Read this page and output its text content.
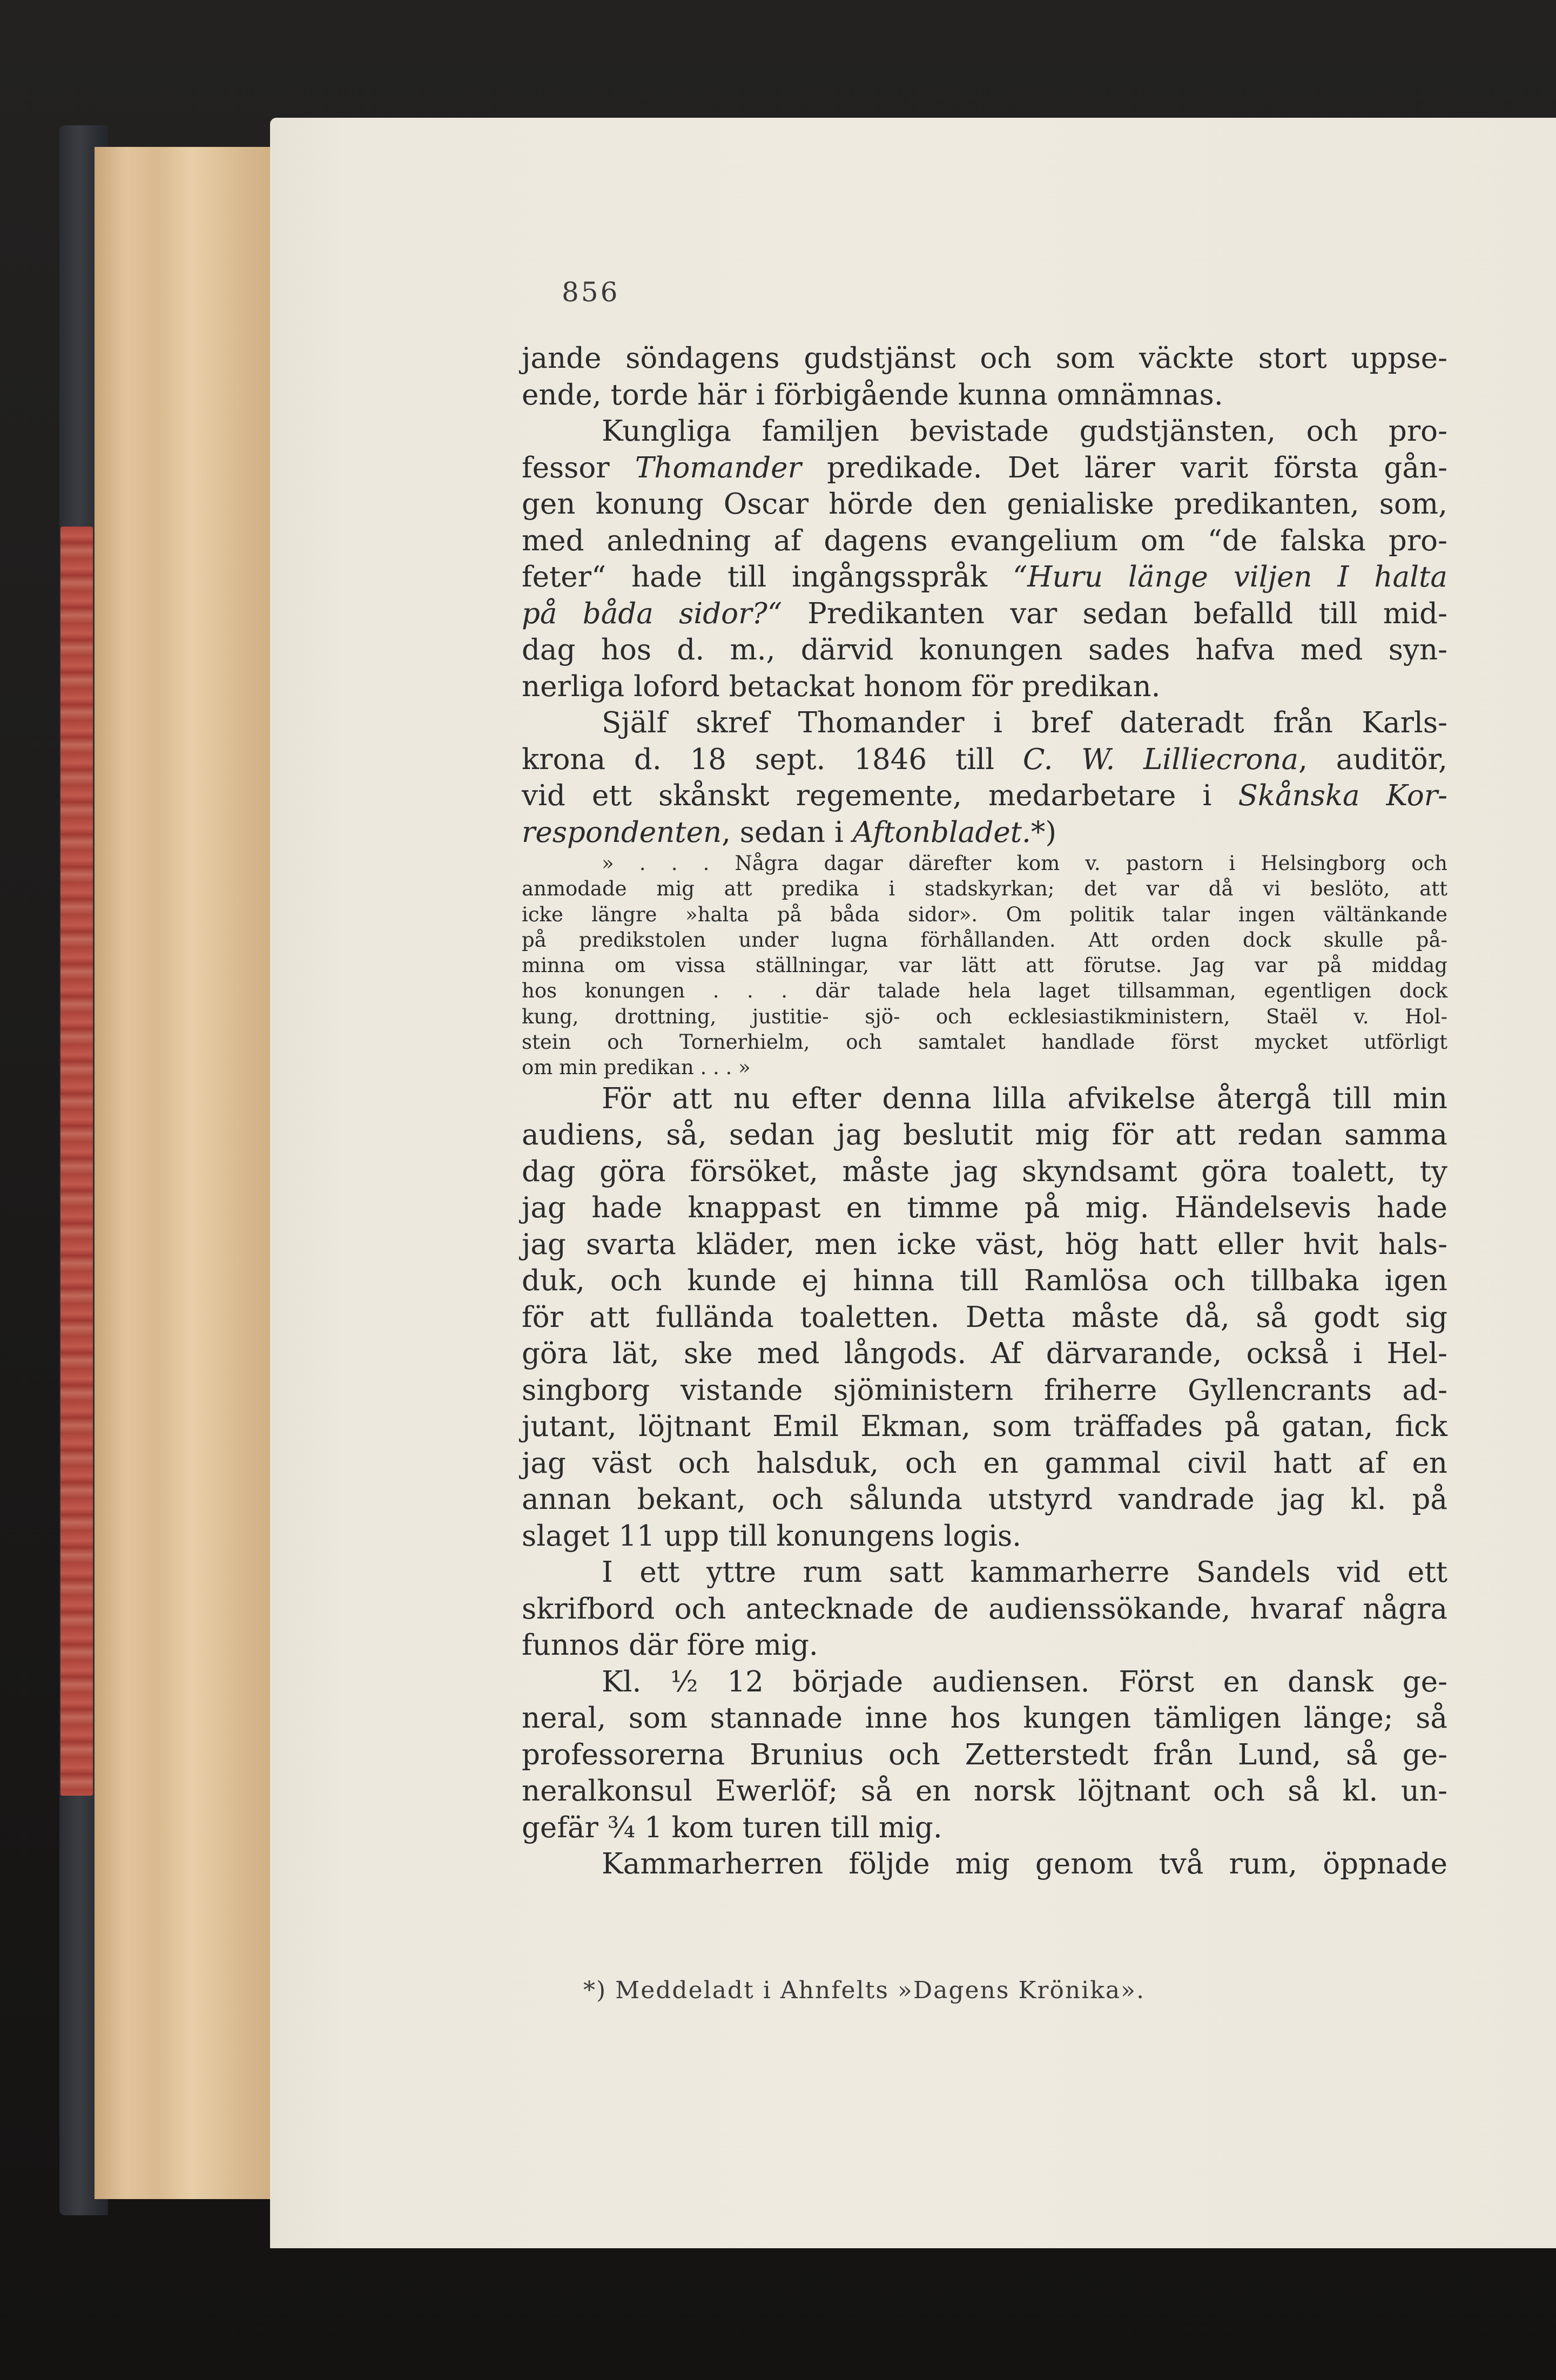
856
jande söndagens gudstjänst och som väckte stort uppse-
ende, torde här i förbigående kunna omnämnas.
Kungliga familjen bevistade gudstjänsten, och pro-
fessor Thomander predikade. Det lärer varit första gån-
gen konung Oscar hörde den genialiske predikanten, som,
med anledning af dagens evangelium om “de falska pro-
feter“ hade till ingångsspråk “Huru länge viljen I halta
på båda sidor?“ Predikanten var sedan befalld till mid-
dag hos d. m., därvid konungen sades hafva med syn-
nerliga loford betackat honom för predikan.
Själf skref Thomander i bref dateradt från Karls-
krona d. 18 sept. 1846 till C. W. Lilliecrona, auditör,
vid ett skånskt regemente, medarbetare i Skånska Kor-
respondenten, sedan i Aftonbladet.*)
» . . . Några dagar därefter kom v. pastorn i Helsingborg och
anmodade mig att predika i stadskyrkan; det var då vi beslöto, att
icke längre »halta på båda sidor». Om politik talar ingen vältänkande
på predikstolen under lugna förhållanden. Att orden dock skulle på-
minna om vissa ställningar, var lätt att förutse. Jag var på middag
hos konungen . . . där talade hela laget tillsamman, egentligen dock
kung, drottning, justitie- sjö- och ecklesiastikministern, Staël v. Hol-
stein och Tornerhielm, och samtalet handlade först mycket utförligt
om min predikan . . . »
För att nu efter denna lilla afvikelse återgå till min
audiens, så, sedan jag beslutit mig för att redan samma
dag göra försöket, måste jag skyndsamt göra toalett, ty
jag hade knappast en timme på mig. Händelsevis hade
jag svarta kläder, men icke väst, hög hatt eller hvit hals-
duk, och kunde ej hinna till Ramlösa och tillbaka igen
för att fullända toaletten. Detta måste då, så godt sig
göra lät, ske med långods. Af därvarande, också i Hel-
singborg vistande sjöministern friherre Gyllencrants ad-
jutant, löjtnant Emil Ekman, som träffades på gatan, fick
jag väst och halsduk, och en gammal civil hatt af en
annan bekant, och sålunda utstyrd vandrade jag kl. på
slaget 11 upp till konungens logis.
I ett yttre rum satt kammarherre Sandels vid ett
skrifbord och antecknade de audienssökande, hvaraf några
funnos där före mig.
Kl. ½ 12 började audiensen. Först en dansk ge-
neral, som stannade inne hos kungen tämligen länge; så
professorerna Brunius och Zetterstedt från Lund, så ge-
neralkonsul Ewerlöf; så en norsk löjtnant och så kl. un-
gefär ¾ 1 kom turen till mig.
Kammarherren följde mig genom två rum, öppnade
*) Meddeladt i Ahnfelts »Dagens Krönika».
